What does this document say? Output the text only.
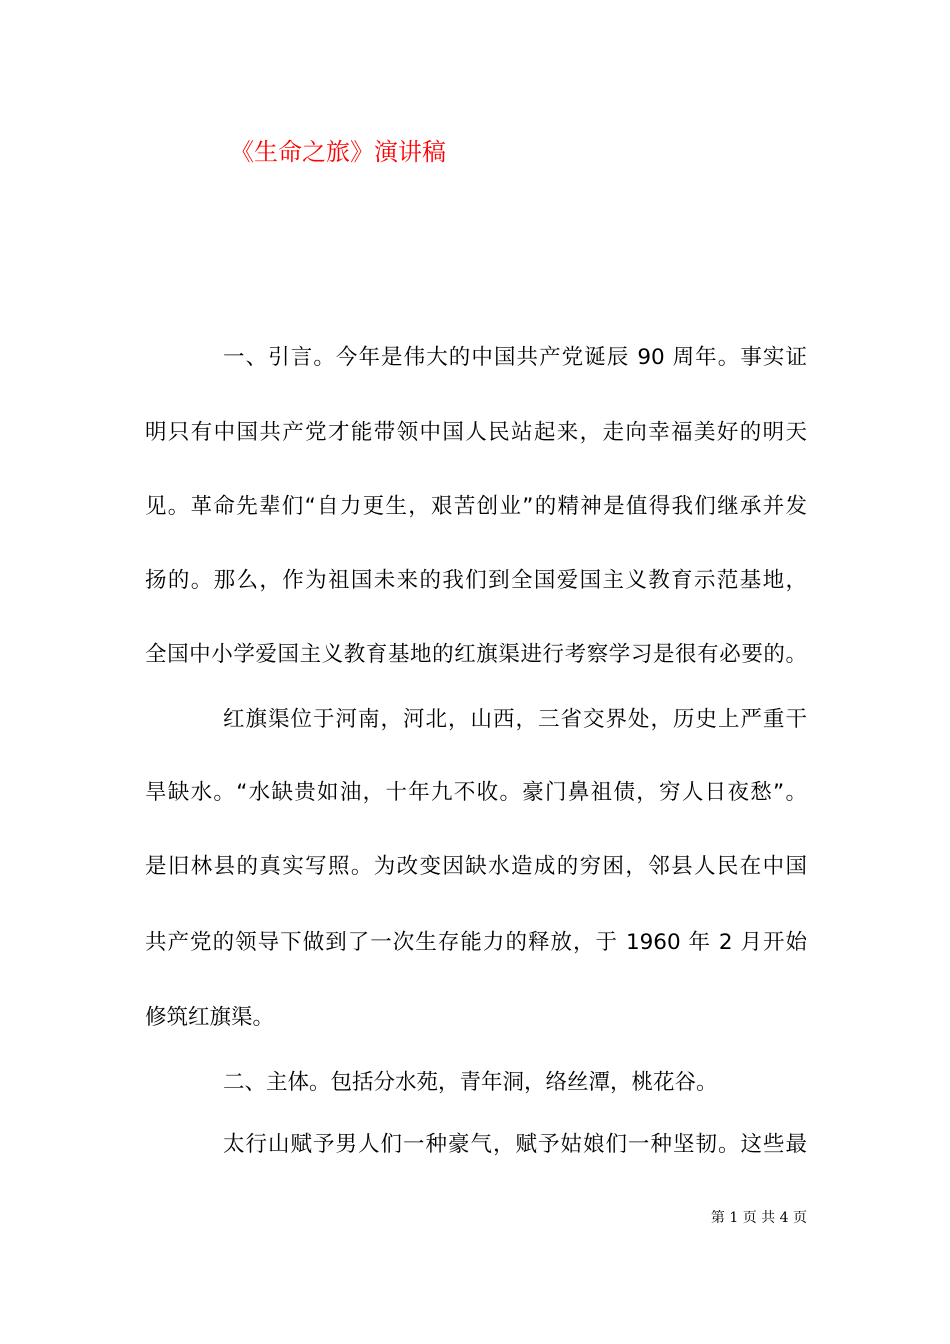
《生命之旅》演讲稿
一、引言。今年是伟大的中国共产党诞辰 90 周年。事实证
明只有中国共产党才能带领中国人民站起来，走向幸福美好的明天
见。革命先辈们“自力更生，艰苦创业”的精神是值得我们继承并发
扬的。那么，作为祖国未来的我们到全国爱国主义教育示范基地，
全国中小学爱国主义教育基地的红旗渠进行考察学习是很有必要的。
红旗渠位于河南，河北，山西，三省交界处，历史上严重干
旱缺水。“水缺贵如油，十年九不收。豪门鼻祖债，穷人日夜愁”。
是旧林县的真实写照。为改变因缺水造成的穷困，邻县人民在中国
共产党的领导下做到了一次生存能力的释放，于 1960 年 2 月开始
修筑红旗渠。
二、主体。包括分水苑，青年洞，络丝潭，桃花谷。
太行山赋予男人们一种豪气，赋予姑娘们一种坚韧。这些最
第 1 页 共 4 页
